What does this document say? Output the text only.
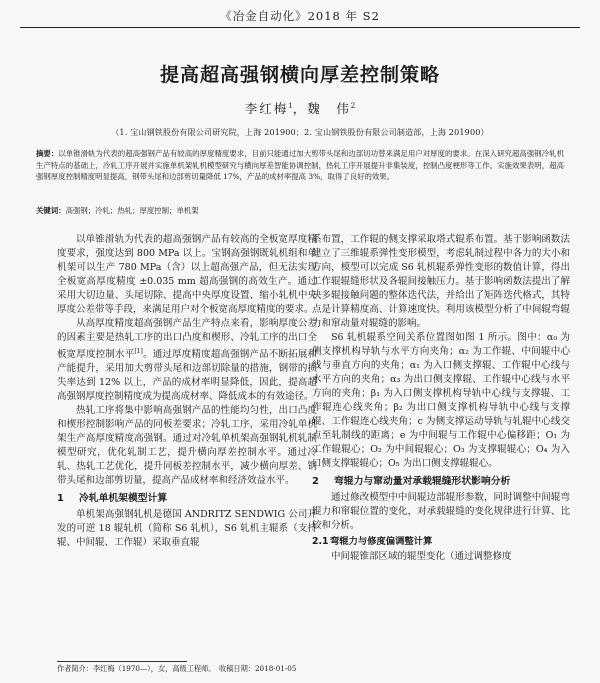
《冶金自动化》2018 年 S2
提高超高强钢横向厚差控制策略
李红梅$^1$，魏　伟$^2$
（1. 宝山钢铁股份有限公司研究院，上海 201900；2. 宝山钢铁股份有限公司制造部，上海 201900）
摘要：以单锥滑轨为代表的超高强钢产品有较高的厚度精度要求，目前只能通过加大剪带头尾和边部切功替来满足用户对厚度的要求。在深入研究超高强钢冷轧机生产特点的基础上，冷轧工序开展并实施单机架轧机模型研究与横向厚差智能协调控制，热轧工序开展提升非集装度，控制凸度梗形等工作。实施效果表明，超高强钢厚度控制精度明显提高，钢带头尾和边部剪切量降低 17%，产品的成材率提高 3%，取得了良好的效果。
关键词：高强钢；冷轧；热轧；厚度控制；单机架

以单锥滑轨为代表的超高强钢产品有较高的全板宽厚度精度要求，强度达到 800 MPa 以上。宝钢高强钢既轧机组和单机架可以生产 780 MPa（含）以上超高强产品，但无法实现全板宽高厚度精度 ±0.035 mm 超高强钢的高效生产。通过采用大切边量、头尾切除、提高中央厚度设置、缩小轧机中央厚度公差带等手段，来满足用户对个板宽高厚度精度的要求。

从高厚度精度超高强钢产品生产特点来看，影响厚度公差的因素主要是热轧工序的出口凸度和楔形、冷轧工序的出口全板宽厚度控制水平[1]。通过厚度精度超高强钢产品不断拓展和产能提升，采用加大剪带头尾和边部切除量的措施，钢带的损失率达到 12% 以上，产品的成材率明显降低，因此，提高超高强钢厚度控制精度成为提高成材率、降低成本的有效途径。

热轧工序将集中影响高强钢产品的性能均匀性，出口凸度和楔形控制影响产品的同板差要求；冷轧工序，采用冷轧单机架生产高厚度精度高强钢。通过对冷轧单机架高强钢轧机轧制模型研究，优化轧制工艺，提升横向厚差控制水平。通过冷轧、热轧工艺优化，提升同板差控制水平，减少横向厚差、钢带头尾和边部剪切量，提高产品成材率和经济效益水平。

1 冷轧单机架模型计算

单机架高强钢轧机是德国 ANDRITZ SENDWIG 公司开发的可逆 18 辊轧机（简称 S6 轧机），S6 轧机主辊系（支持辊、中间辊、工作辊）采取垂直辊

系布置，工作辊的侧支撑采取塔式辊系布置。基于影响函数法建立了三维辊系弹性变形模型，考虑轧制过程中各力的大小和方向，模型可以完成 S6 轧机辊系弹性变形的数值计算，得出工作辊辊缝形状及各辊间接触压力。基于影响函数法提出了解决多辊接触问题的整体迭代法，并给出了矩阵迭代格式，其特点是计算精度高、计算速度快。利用该模型分析了中间辊弯辊力和窜动量对辊缝的影响。

S6 轧机辊系空间关系位置图如图 1 所示。图中：α₀ 为侧支撑机构导轨与水平方向夹角；α₂ 为工作辊、中间辊中心线与垂直方向的夹角；α₁ 为入口侧支撑辊、工作辊中心线与水平方向的夹角；α₃ 为出口侧支撑辊、工作辊中心线与水平方向的夹角；β₁ 为入口侧支撑机构导轨中心线与支撑辊、工作辊连心线夹角；β₂ 为出口侧支撑机构导轨中心线与支撑辊、工作辊连心线夹角；c 为侧支撑运动导轨与轧辊中心线交点至轧制线的距离；e 为中间辊与工作辊中心偏移距；O₁ 为工作辊辊心；O₂ 为中间辊辊心；O₃ 为支撑辊辊心；O₄ 为入口侧支撑辊辊心；O₅ 为出口侧支撑辊辊心。

2 弯辊力与窜动量对承载辊缝形状影响分析

通过修改模型中中间辊边部辊形参数，同时调整中间辊弯辊力和窜辊位置的变化，对承载辊缝的变化规律进行计算、比较和分析。

2.1 弯辊力与修度偏调整计算

中间辊锥部区域的辊型变化（通过调整修度

作者简介：李红梅（1970—），女，高级工程师。　收稿日期：2018-01-05
